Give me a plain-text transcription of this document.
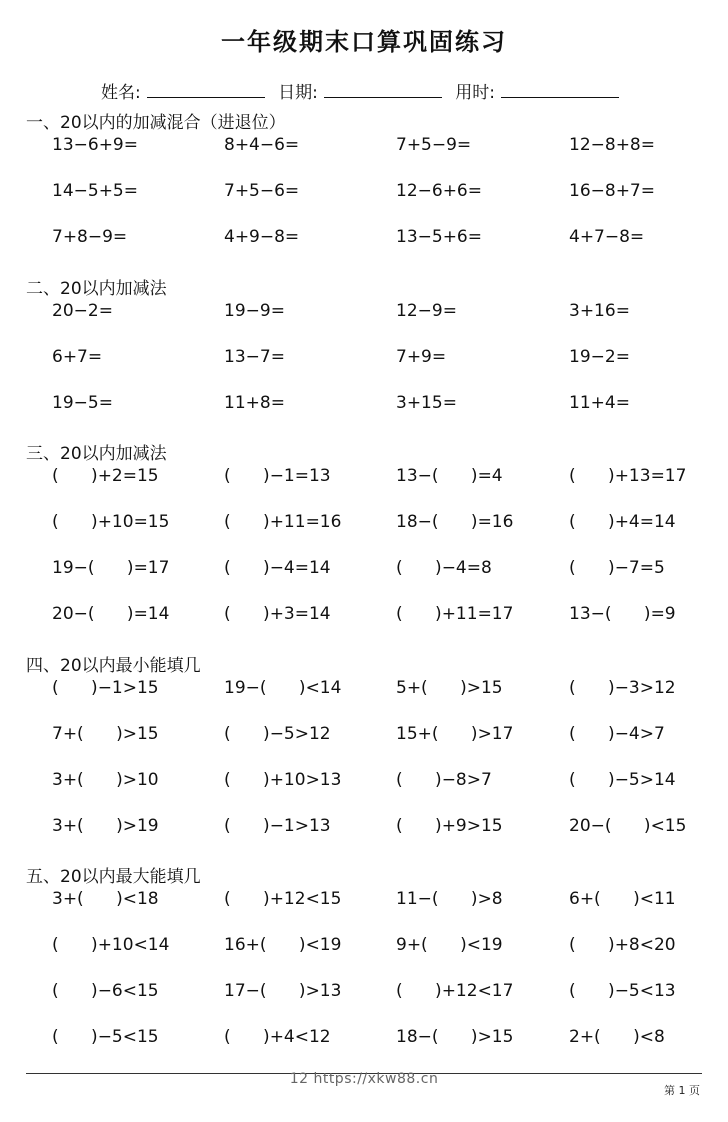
一年级期末口算巩固练习
姓名:	日期:	用时:
一、20以内的加减混合（进退位）
13−6+9=	8+4−6=	7+5−9=	12−8+8=
14−5+5=	7+5−6=	12−6+6=	16−8+7=
7+8−9=	4+9−8=	13−5+6=	4+7−8=
二、20以内加减法
20−2=	19−9=	12−9=	3+16=
6+7=	13−7=	7+9=	19−2=
19−5=	11+8=	3+15=	11+4=
三、20以内加减法
(      )+2=15	(      )−1=13	13−(      )=4	(      )+13=17
(      )+10=15	(      )+11=16	18−(      )=16	(      )+4=14
19−(      )=17	(      )−4=14	(      )−4=8	(      )−7=5
20−(      )=14	(      )+3=14	(      )+11=17	13−(      )=9
四、20以内最小能填几
(      )−1>15	19−(      )<14	5+(      )>15	(      )−3>12
7+(      )>15	(      )−5>12	15+(      )>17	(      )−4>7
3+(      )>10	(      )+10>13	(      )−8>7	(      )−5>14
3+(      )>19	(      )−1>13	(      )+9>15	20−(      )<15
五、20以内最大能填几
3+(      )<18	(      )+12<15	11−(      )>8	6+(      )<11
(      )+10<14	16+(      )<19	9+(      )<19	(      )+8<20
(      )−6<15	17−(      )>13	(      )+12<17	(      )−5<13
(      )−5<15	(      )+4<12	18−(      )>15	2+(      )<8
12 https://xkw88.cn
第 1 页
